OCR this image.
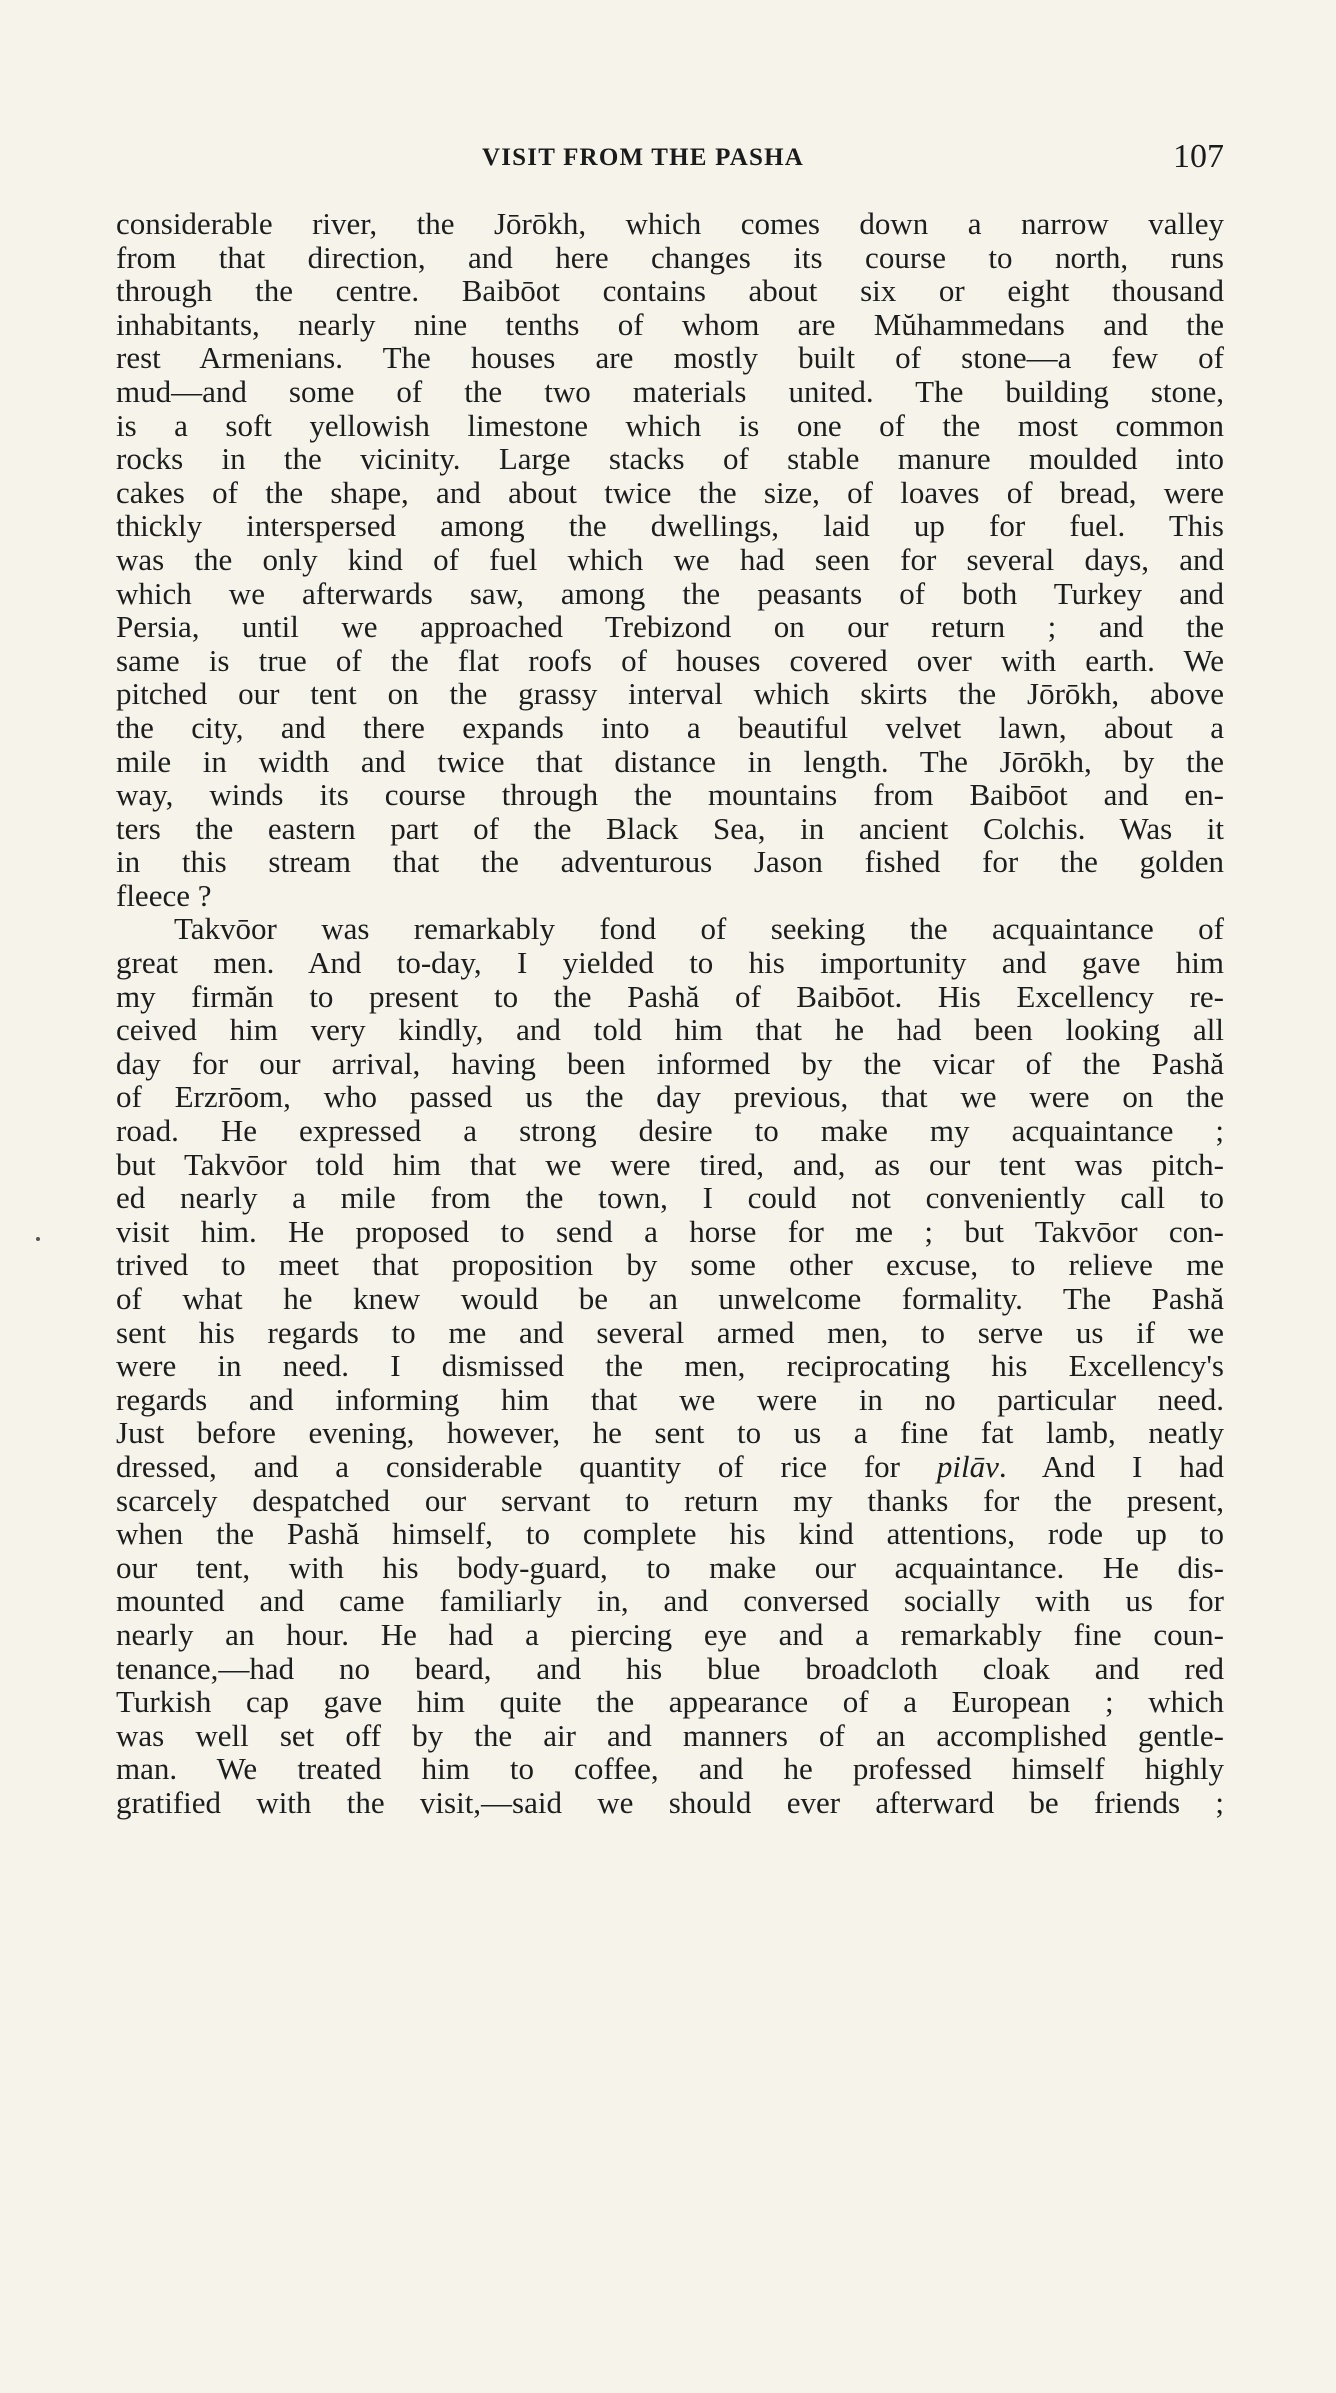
VISIT FROM THE PASHA	107
considerable river, the Jōrōkh, which comes down a narrow valley
from that direction, and here changes its course to north, runs
through the centre. Baibōot contains about six or eight thousand
inhabitants, nearly nine tenths of whom are Mŭhammedans and the
rest Armenians. The houses are mostly built of stone—a few of
mud—and some of the two materials united. The building stone,
is a soft yellowish limestone which is one of the most common
rocks in the vicinity. Large stacks of stable manure moulded into
cakes of the shape, and about twice the size, of loaves of bread, were
thickly interspersed among the dwellings, laid up for fuel. This
was the only kind of fuel which we had seen for several days, and
which we afterwards saw, among the peasants of both Turkey and
Persia, until we approached Trebizond on our return ; and the
same is true of the flat roofs of houses covered over with earth. We
pitched our tent on the grassy interval which skirts the Jōrōkh, above
the city, and there expands into a beautiful velvet lawn, about a
mile in width and twice that distance in length. The Jōrōkh, by the
way, winds its course through the mountains from Baibōot and en-
ters the eastern part of the Black Sea, in ancient Colchis. Was it
in this stream that the adventurous Jason fished for the golden
fleece ?
Takvōor was remarkably fond of seeking the acquaintance of
great men. And to-day, I yielded to his importunity and gave him
my firmăn to present to the Pashă of Baibōot. His Excellency re-
ceived him very kindly, and told him that he had been looking all
day for our arrival, having been informed by the vicar of the Pashă
of Erzrōom, who passed us the day previous, that we were on the
road. He expressed a strong desire to make my acquaintance ;
but Takvōor told him that we were tired, and, as our tent was pitch-
ed nearly a mile from the town, I could not conveniently call to
visit him. He proposed to send a horse for me ; but Takvōor con-
trived to meet that proposition by some other excuse, to relieve me
of what he knew would be an unwelcome formality. The Pashă
sent his regards to me and several armed men, to serve us if we
were in need. I dismissed the men, reciprocating his Excellency's
regards and informing him that we were in no particular need.
Just before evening, however, he sent to us a fine fat lamb, neatly
dressed, and a considerable quantity of rice for pilāv. And I had
scarcely despatched our servant to return my thanks for the present,
when the Pashă himself, to complete his kind attentions, rode up to
our tent, with his body-guard, to make our acquaintance. He dis-
mounted and came familiarly in, and conversed socially with us for
nearly an hour. He had a piercing eye and a remarkably fine coun-
tenance,—had no beard, and his blue broadcloth cloak and red
Turkish cap gave him quite the appearance of a European ; which
was well set off by the air and manners of an accomplished gentle-
man. We treated him to coffee, and he professed himself highly
gratified with the visit,—said we should ever afterward be friends ;
